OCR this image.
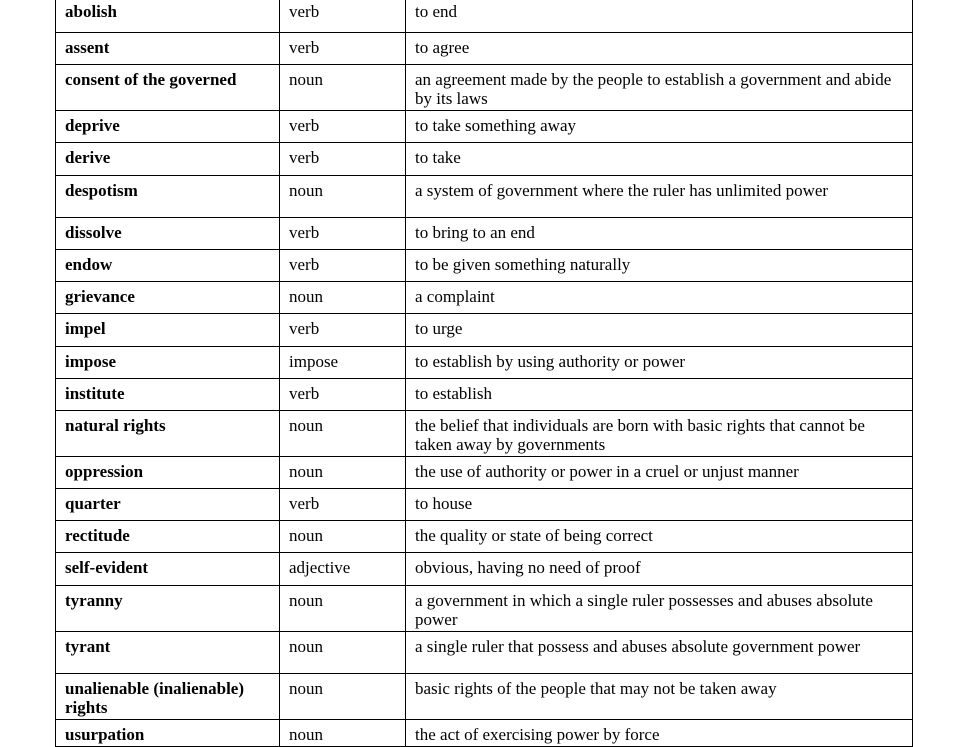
abolish	verb	to end
assent	verb	to agree
consent of the governed	noun	an agreement made by the people to establish a government and abide by its laws
deprive	verb	to take something away
derive	verb	to take
despotism	noun	a system of government where the ruler has unlimited power
dissolve	verb	to bring to an end
endow	verb	to be given something naturally
grievance	noun	a complaint
impel	verb	to urge
impose	impose	to establish by using authority or power
institute	verb	to establish
natural rights	noun	the belief that individuals are born with basic rights that cannot be taken away by governments
oppression	noun	the use of authority or power in a cruel or unjust manner
quarter	verb	to house
rectitude	noun	the quality or state of being correct
self-evident	adjective	obvious, having no need of proof
tyranny	noun	a government in which a single ruler possesses and abuses absolute power
tyrant	noun	a single ruler that possess and abuses absolute government power
unalienable (inalienable) rights	noun	basic rights of the people that may not be taken away
usurpation	noun	the act of exercising power by force
